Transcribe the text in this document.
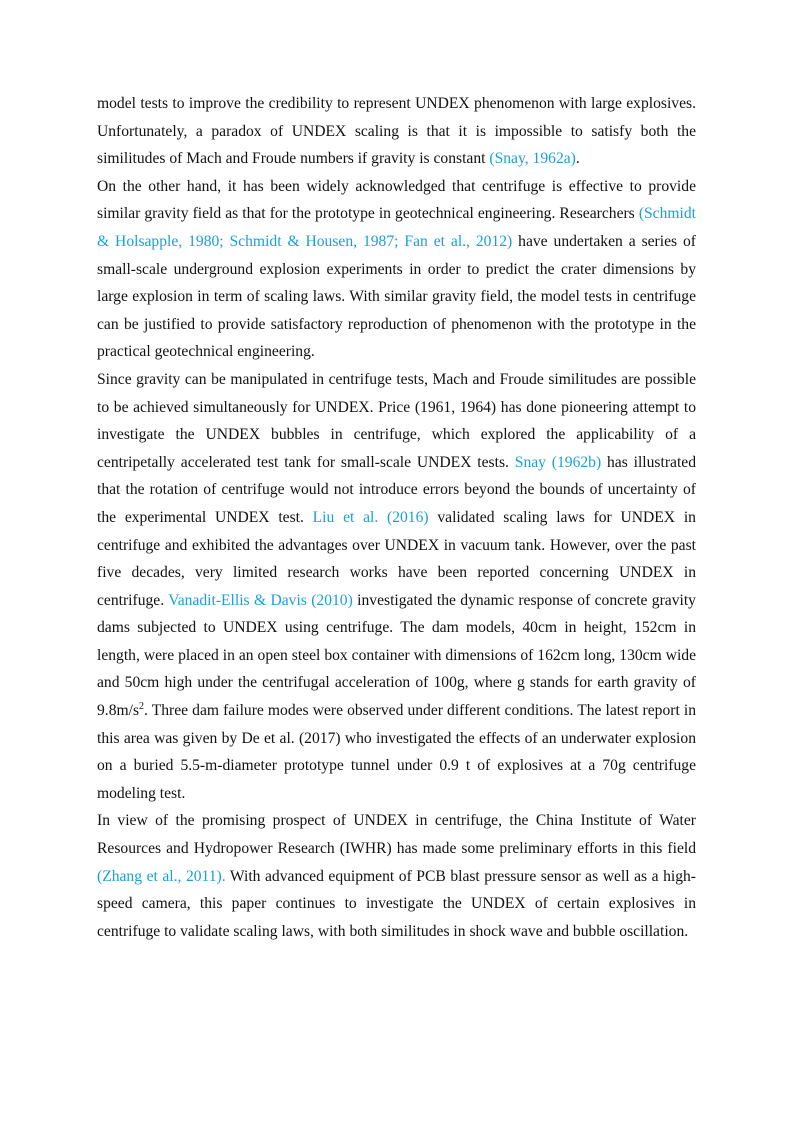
model tests to improve the credibility to represent UNDEX phenomenon with large explosives. Unfortunately, a paradox of UNDEX scaling is that it is impossible to satisfy both the similitudes of Mach and Froude numbers if gravity is constant (Snay, 1962a).

On the other hand, it has been widely acknowledged that centrifuge is effective to provide similar gravity field as that for the prototype in geotechnical engineering. Researchers (Schmidt & Holsapple, 1980; Schmidt & Housen, 1987; Fan et al., 2012) have undertaken a series of small-scale underground explosion experiments in order to predict the crater dimensions by large explosion in term of scaling laws. With similar gravity field, the model tests in centrifuge can be justified to provide satisfactory reproduction of phenomenon with the prototype in the practical geotechnical engineering.

Since gravity can be manipulated in centrifuge tests, Mach and Froude similitudes are possible to be achieved simultaneously for UNDEX. Price (1961, 1964) has done pioneering attempt to investigate the UNDEX bubbles in centrifuge, which explored the applicability of a centripetally accelerated test tank for small-scale UNDEX tests. Snay (1962b) has illustrated that the rotation of centrifuge would not introduce errors beyond the bounds of uncertainty of the experimental UNDEX test. Liu et al. (2016) validated scaling laws for UNDEX in centrifuge and exhibited the advantages over UNDEX in vacuum tank. However, over the past five decades, very limited research works have been reported concerning UNDEX in centrifuge. Vanadit-Ellis & Davis (2010) investigated the dynamic response of concrete gravity dams subjected to UNDEX using centrifuge. The dam models, 40cm in height, 152cm in length, were placed in an open steel box container with dimensions of 162cm long, 130cm wide and 50cm high under the centrifugal acceleration of 100g, where g stands for earth gravity of $9.8m/s^2$. Three dam failure modes were observed under different conditions. The latest report in this area was given by De et al. (2017) who investigated the effects of an underwater explosion on a buried 5.5-m-diameter prototype tunnel under 0.9 t of explosives at a 70g centrifuge modeling test.

In view of the promising prospect of UNDEX in centrifuge, the China Institute of Water Resources and Hydropower Research (IWHR) has made some preliminary efforts in this field (Zhang et al., 2011). With advanced equipment of PCB blast pressure sensor as well as a high-speed camera, this paper continues to investigate the UNDEX of certain explosives in centrifuge to validate scaling laws, with both similitudes in shock wave and bubble oscillation.
